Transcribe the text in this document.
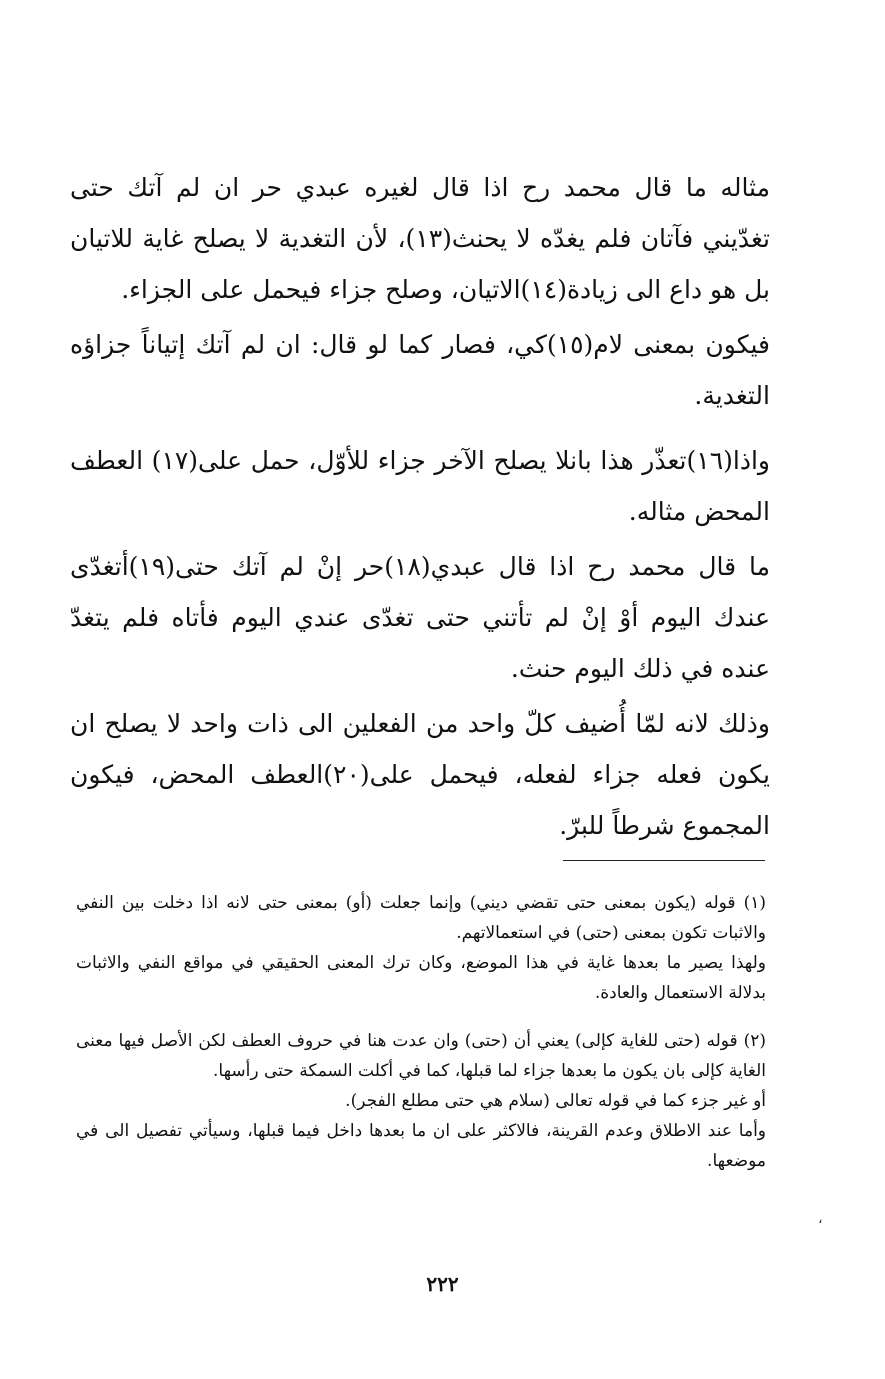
مثاله ما قال محمد رح اذا قال لغيره عبدي حر ان لم آتك حتى تغدّيني فآتان فلم يغدّه لا يحنث(١٣)، لأن التغدية لا يصلح غاية للاتيان بل هو داع الى زيادة(١٤)الاتيان، وصلح جزاء فيحمل على الجزاء.

فيكون بمعنى لام(١٥)كي، فصار كما لو قال: ان لم آتك إتياناً جزاؤه التغدية.

واذا(١٦)تعذّر هذا بانلا يصلح الآخر جزاء للأوّل، حمل على(١٧) العطف المحض مثاله.

ما قال محمد رح اذا قال عبدي(١٨)حر إنْ لم آتك حتى(١٩)أتغدّى عندك اليوم أوْ إنْ لم تأتني حتى تغدّى عندي اليوم فأتاه فلم يتغدّ عنده في ذلك اليوم حنث.

وذلك لانه لمّا أُضيف كلّ واحد من الفعلين الى ذات واحد لا يصلح ان يكون فعله جزاء لفعله، فيحمل على(٢٠)العطف المحض، فيكون المجموع شرطاً للبرّ.

(١) قوله (يكون بمعنى حتى تقضي ديني) وإنما جعلت (أو) بمعنى حتى لانه اذا دخلت بين النفي والاثبات تكون بمعنى (حتى) في استعمالاتهم.

ولهذا يصير ما بعدها غاية في هذا الموضع، وكان ترك المعنى الحقيقي في مواقع النفي والاثبات بدلالة الاستعمال والعادة.

(٢) قوله (حتى للغاية كإلى) يعني أن (حتى) وان عدت هنا في حروف العطف لكن الأصل فيها معنى الغاية كإلى بان يكون ما بعدها جزاء لما قبلها، كما في أكلت السمكة حتى رأسها.

أو غير جزء كما في قوله تعالى (سلام هي حتى مطلع الفجر).

وأما عند الاطلاق وعدم القرينة، فالاكثر على ان ما بعدها داخل فيما قبلها، وسيأتي تفصيل الى في موضعها.

،
٢٢٢
